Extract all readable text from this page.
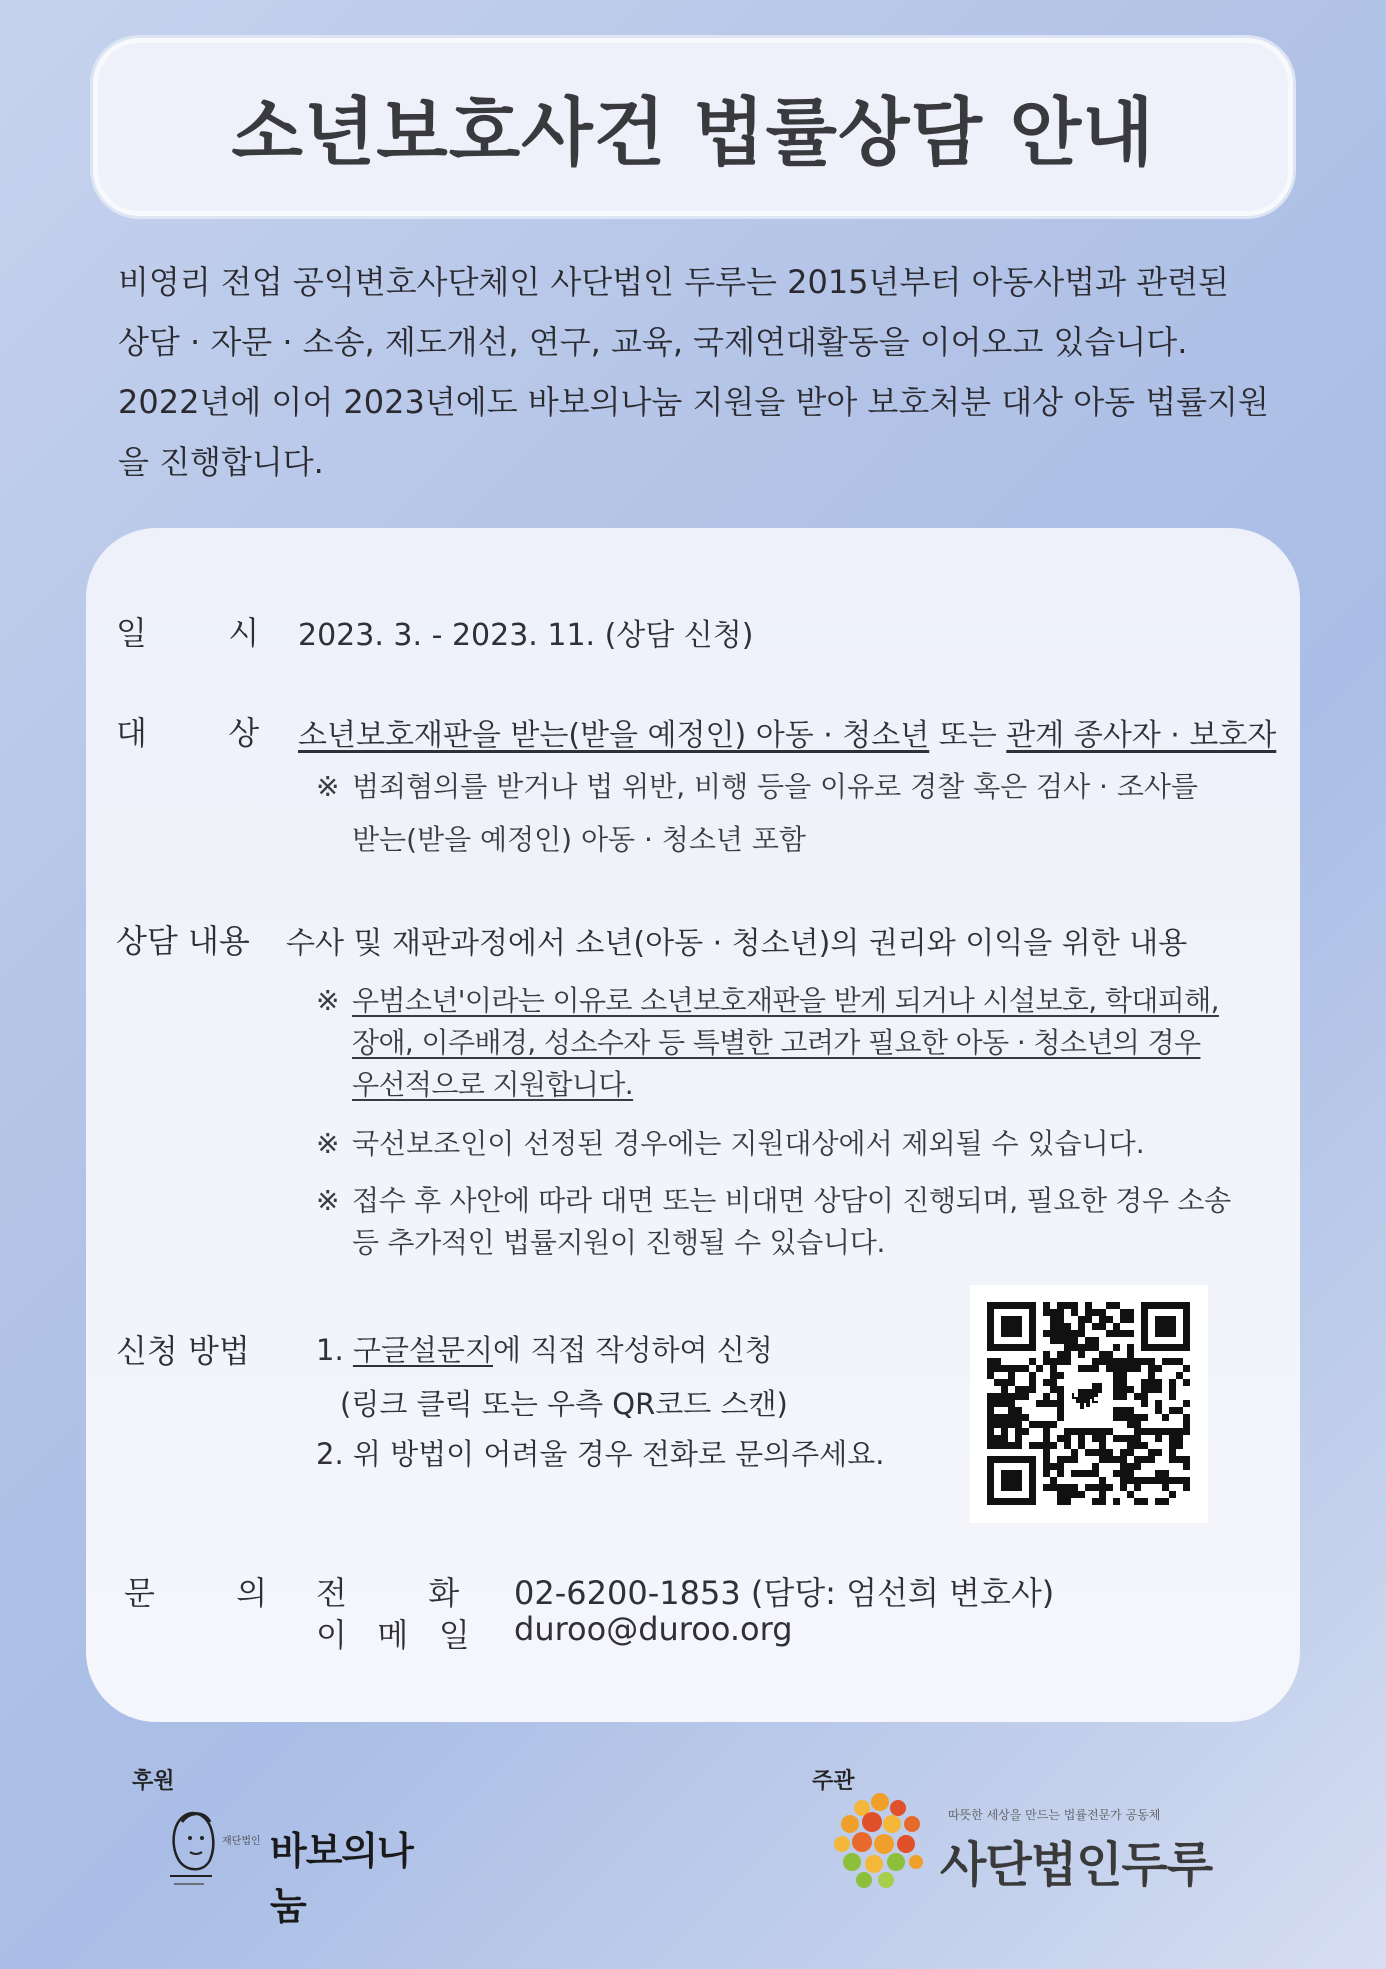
소년보호사건 법률상담 안내

비영리 전업 공익변호사단체인 사단법인 두루는 2015년부터 아동사법과 관련된

상담 · 자문 · 소송, 제도개선, 연구, 교육, 국제연대활동을 이어오고 있습니다.

2022년에 이어 2023년에도 바보의나눔 지원을 받아 보호처분 대상 아동 법률지원

을 진행합니다.

일        시 2023. 3. - 2023. 11. (상담 신청)
대        상 소년보호재판을 받는(받을 예정인) 아동 · 청소년 또는 관계 종사자 · 보호자
※ 범죄혐의를 받거나 법 위반, 비행 등을 이유로 경찰 혹은 검사 · 조사를
받는(받을 예정인) 아동 · 청소년 포함
상담 내용 수사 및 재판과정에서 소년(아동 · 청소년)의 권리와 이익을 위한 내용
※ 우범소년'이라는 이유로 소년보호재판을 받게 되거나 시설보호, 학대피해,
장애, 이주배경, 성소수자 등 특별한 고려가 필요한 아동 · 청소년의 경우
우선적으로 지원합니다.
※ 국선보조인이 선정된 경우에는 지원대상에서 제외될 수 있습니다.
※ 접수 후 사안에 따라 대면 또는 비대면 상담이 진행되며, 필요한 경우 소송
등 추가적인 법률지원이 진행될 수 있습니다.
신청 방법 1. 구글설문지에 직접 작성하여 신청
(링크 클릭 또는 우측 QR코드 스캔)
2. 위 방법이 어려울 경우 전화로 문의주세요.
문        의 전        화 02-6200-1853 (담당: 엄선희 변호사)
이   메   일 duroo@duroo.org
후원
재단법인 바보의나눔
주관
따뜻한 세상을 만드는 법률전문가 공동체
사단법인두루
